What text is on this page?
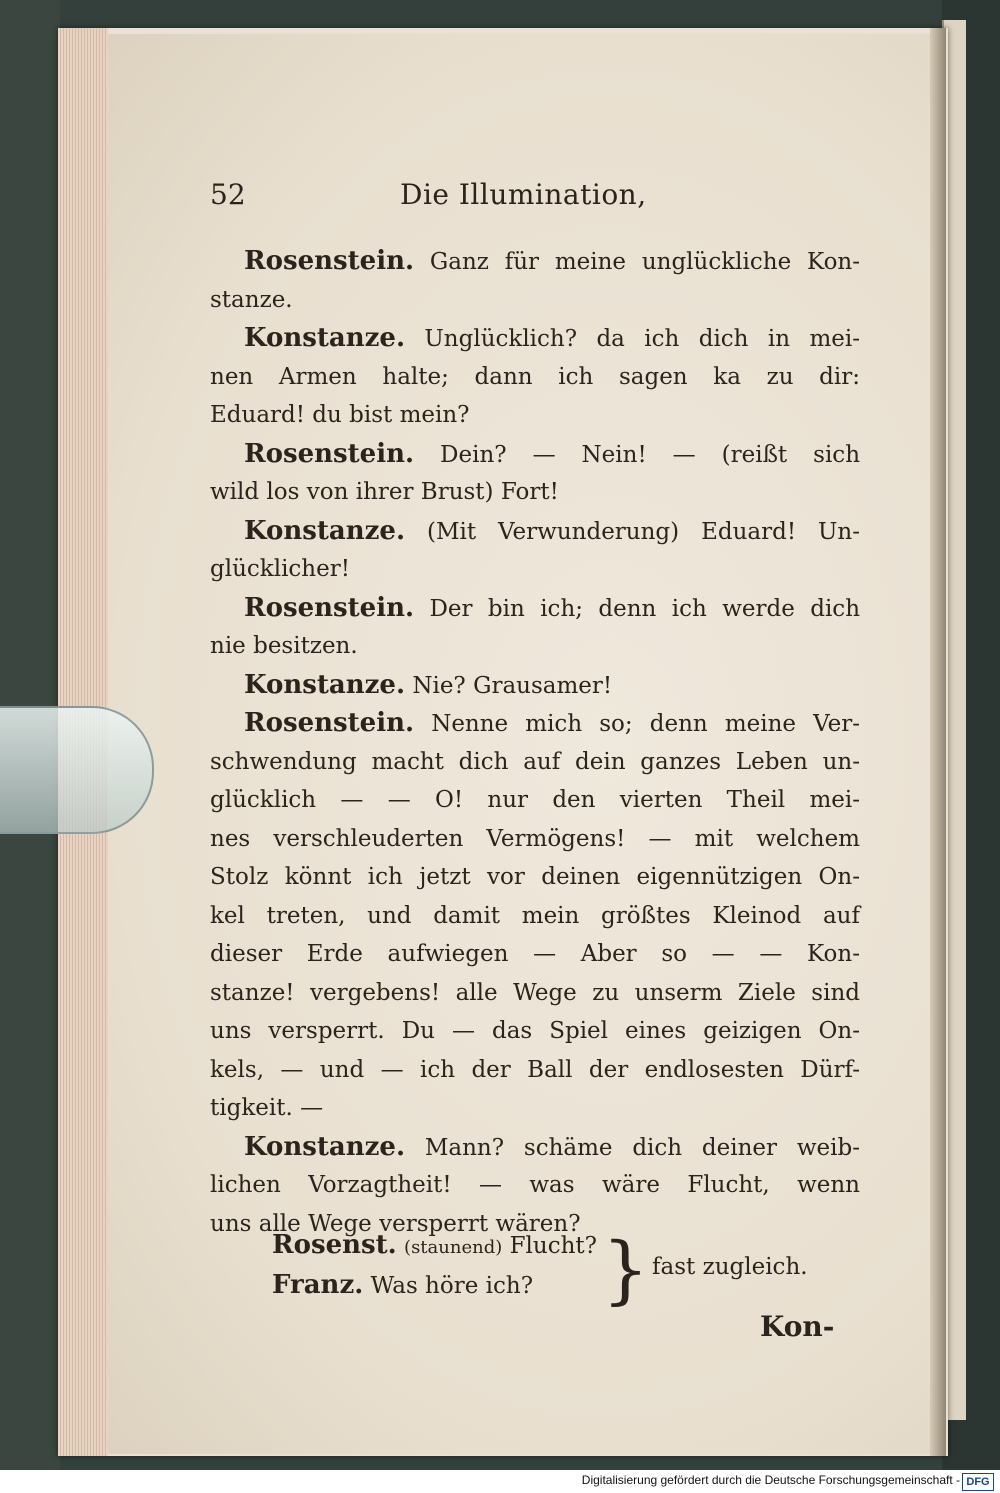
52	Die Illumination,
Rosenstein. Ganz für meine unglückliche Kon-
stanze.
Konstanze. Unglücklich? da ich dich in mei-
nen Armen halte; dann ich sagen ka zu dir:
Eduard! du bist mein?
Rosenstein. Dein? — Nein! — (reißt sich
wild los von ihrer Brust) Fort!
Konstanze. (Mit Verwunderung) Eduard! Un-
glücklicher!
Rosenstein. Der bin ich; denn ich werde dich
nie besitzen.
Konstanze. Nie? Grausamer!
Rosenstein. Nenne mich so; denn meine Ver-
schwendung macht dich auf dein ganzes Leben un-
glücklich — — O! nur den vierten Theil mei-
nes verschleuderten Vermögens! — mit welchem
Stolz könnt ich jetzt vor deinen eigennützigen On-
kel treten, und damit mein größtes Kleinod auf
dieser Erde aufwiegen — Aber so — — Kon-
stanze! vergebens! alle Wege zu unserm Ziele sind
uns versperrt. Du — das Spiel eines geizigen On-
kels, — und — ich der Ball der endlosesten Dürf-
tigkeit. —
Konstanze. Mann? schäme dich deiner weib-
lichen Vorzagtheit! — was wäre Flucht, wenn
uns alle Wege versperrt wären?
Rosenst. (staunend) Flucht?
Franz. Was höre ich? } fast zugleich.
Kon-
Digitalisierung gefördert durch die Deutsche Forschungsgemeinschaft - DFG
